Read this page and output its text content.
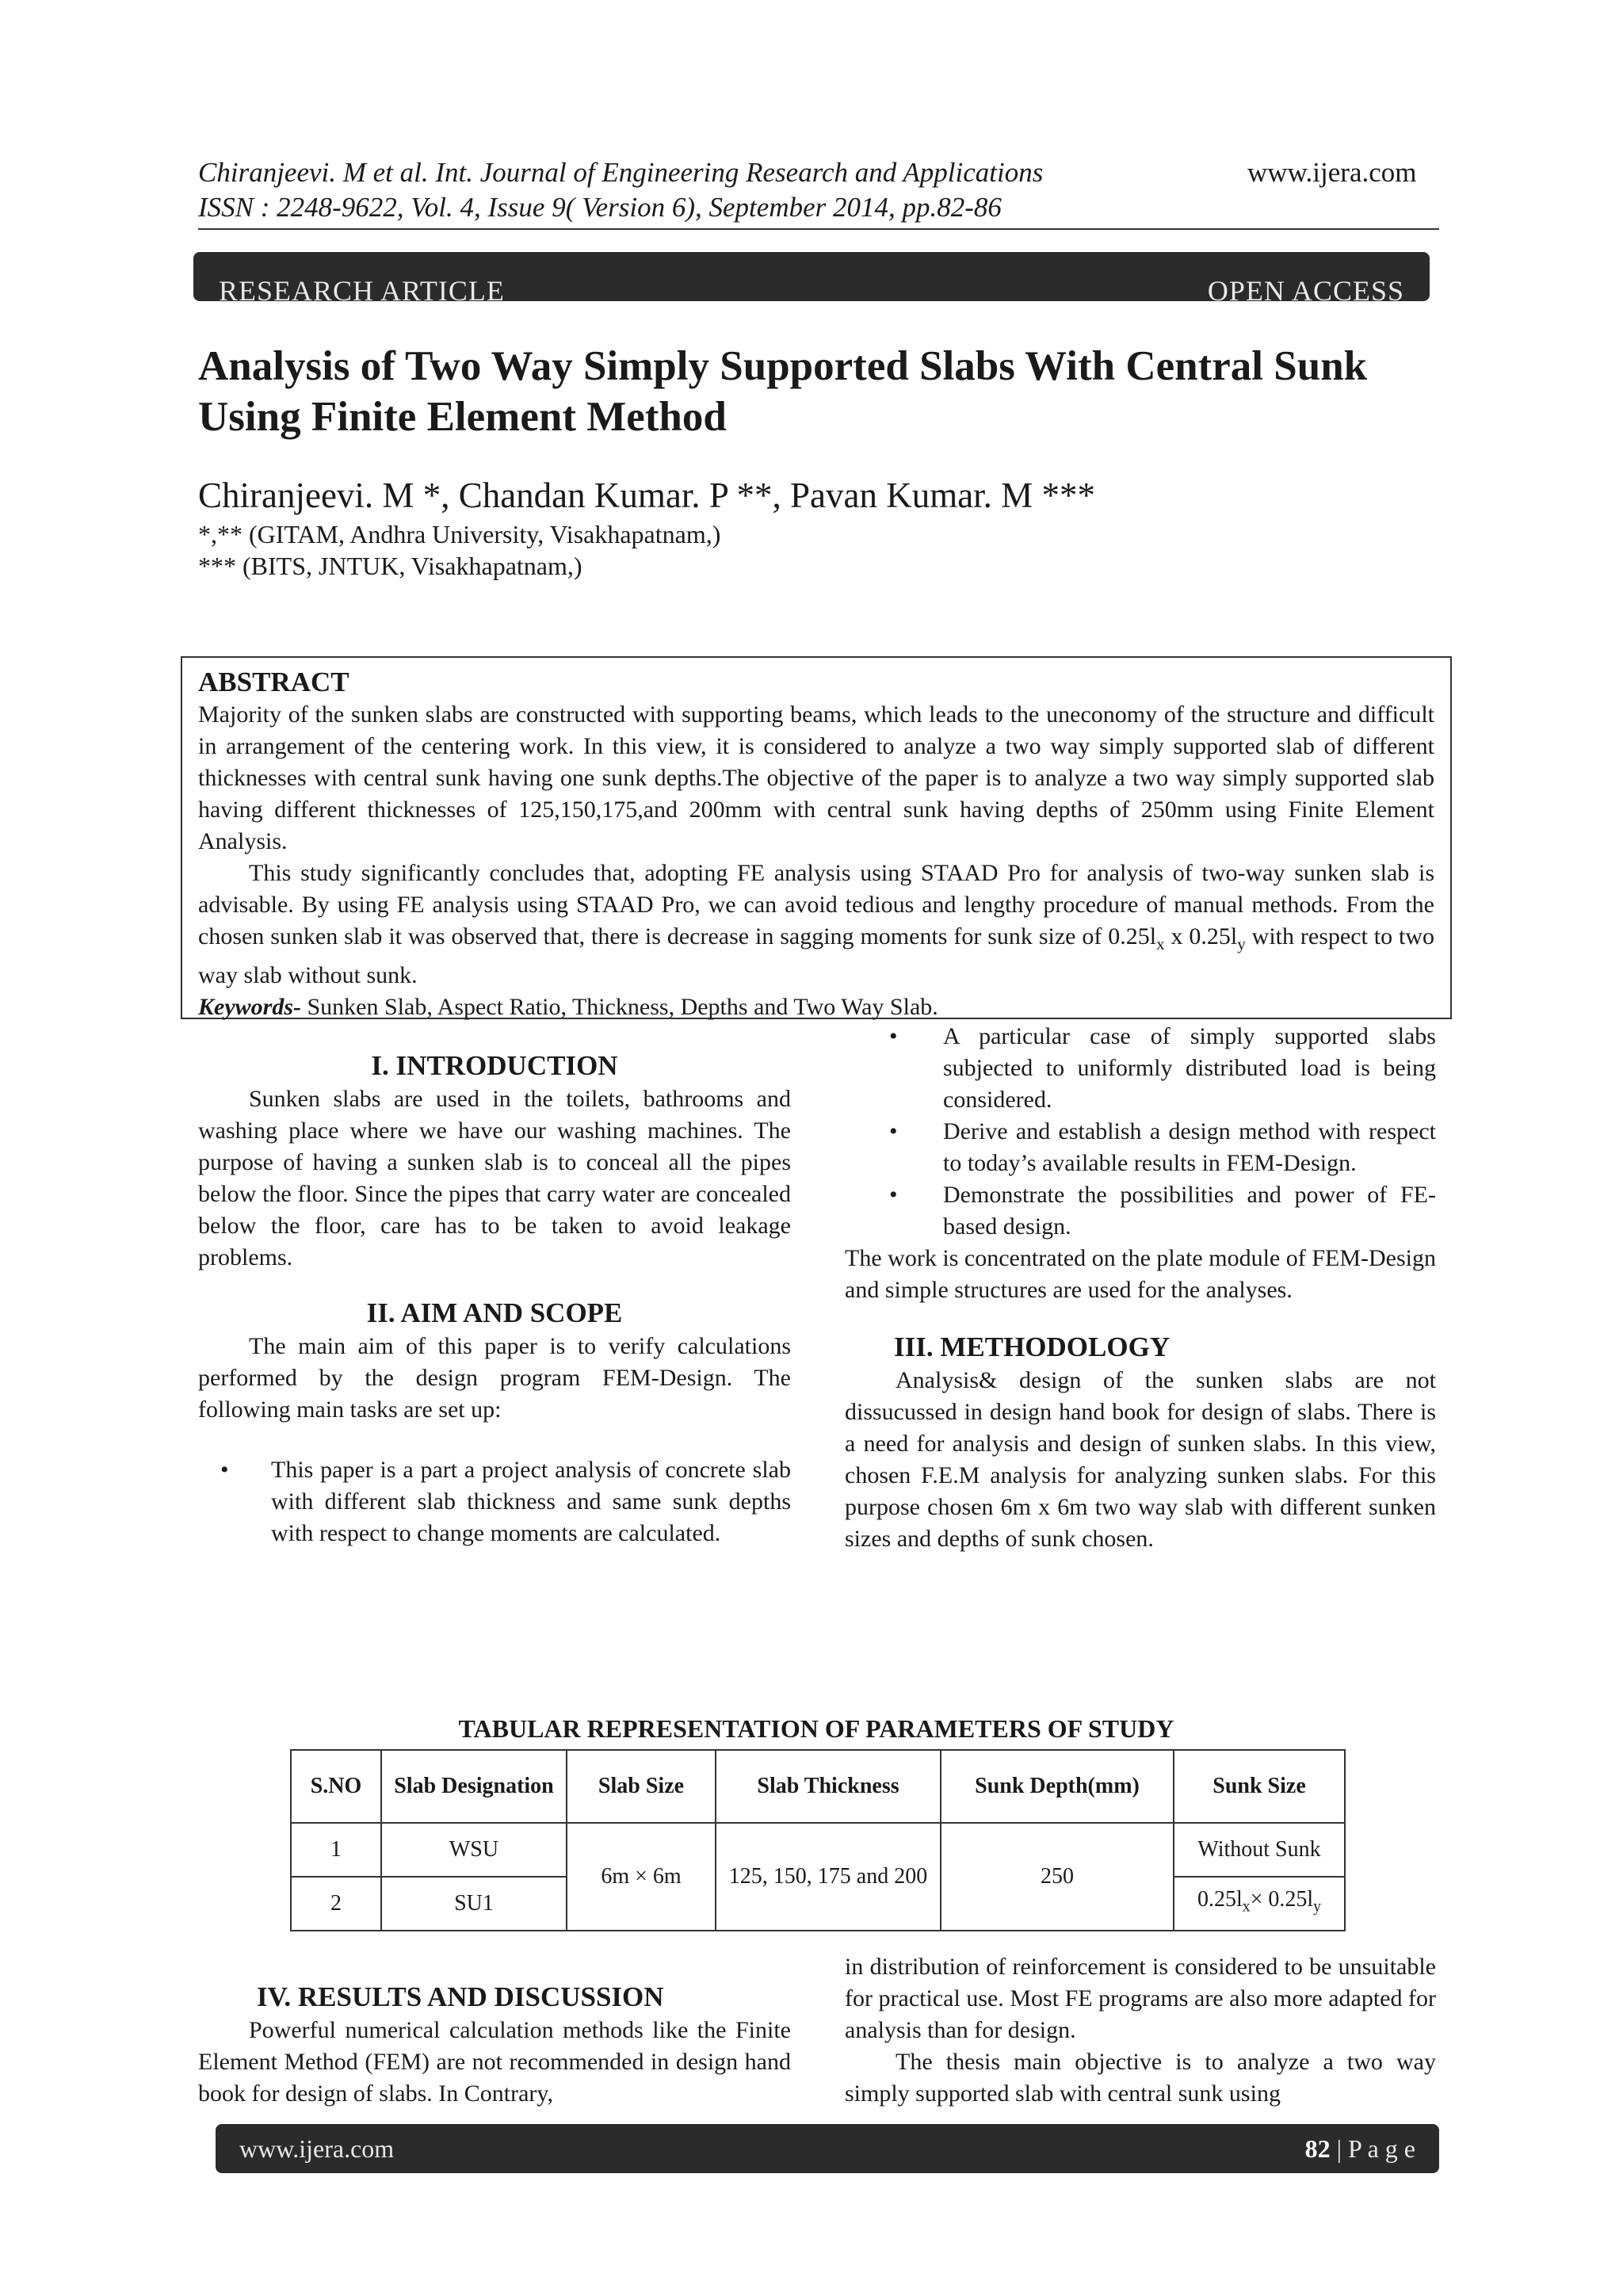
Chiranjeevi. M et al. Int. Journal of Engineering Research and Applications	www.ijera.com
ISSN : 2248-9622, Vol. 4, Issue 9( Version 6), September 2014, pp.82-86
RESEARCH ARTICLE	OPEN ACCESS
Analysis of Two Way Simply Supported Slabs With Central Sunk
Using Finite Element Method
Chiranjeevi. M *, Chandan Kumar. P **, Pavan Kumar. M ***
*,** (GITAM, Andhra University, Visakhapatnam,)
*** (BITS, JNTUK, Visakhapatnam,)
ABSTRACT
Majority of the sunken slabs are constructed with supporting beams, which leads to the uneconomy of the structure and difficult in arrangement of the centering work. In this view, it is considered to analyze a two way simply supported slab of different thicknesses with central sunk having one sunk depths.The objective of the paper is to analyze a two way simply supported slab having different thicknesses of 125,150,175,and 200mm with central sunk having depths of 250mm using Finite Element Analysis.
This study significantly concludes that, adopting FE analysis using STAAD Pro for analysis of two-way sunken slab is advisable. By using FE analysis using STAAD Pro, we can avoid tedious and lengthy procedure of manual methods. From the chosen sunken slab it was observed that, there is decrease in sagging moments for sunk size of $0.25l_x$ x $0.25l_y$ with respect to two way slab without sunk.
Keywords- Sunken Slab, Aspect Ratio, Thickness, Depths and Two Way Slab.
I. INTRODUCTION
Sunken slabs are used in the toilets, bathrooms and washing place where we have our washing machines. The purpose of having a sunken slab is to conceal all the pipes below the floor. Since the pipes that carry water are concealed below the floor, care has to be taken to avoid leakage problems.
II. AIM AND SCOPE
The main aim of this paper is to verify calculations performed by the design program FEM-Design. The following main tasks are set up:
• This paper is a part a project analysis of concrete slab with different slab thickness and same sunk depths with respect to change moments are calculated.
• A particular case of simply supported slabs subjected to uniformly distributed load is being considered.
• Derive and establish a design method with respect to today’s available results in FEM-Design.
• Demonstrate the possibilities and power of FE- based design.
The work is concentrated on the plate module of FEM-Design and simple structures are used for the analyses.
III. METHODOLOGY
Analysis& design of the sunken slabs are not dissucussed in design hand book for design of slabs. There is a need for analysis and design of sunken slabs. In this view, chosen F.E.M analysis for analyzing sunken slabs. For this purpose chosen 6m x 6m two way slab with different sunken sizes and depths of sunk chosen.
TABULAR REPRESENTATION OF PARAMETERS OF STUDY
S.NO	Slab Designation	Slab Size	Slab Thickness	Sunk Depth(mm)	Sunk Size
1	WSU	6m × 6m	125, 150, 175 and 200	250	Without Sunk
2	SU1				$0.25l_x\times 0.25l_y$
IV. RESULTS AND DISCUSSION
Powerful numerical calculation methods like the Finite Element Method (FEM) are not recommended in design hand book for design of slabs. In Contrary,
in distribution of reinforcement is considered to be unsuitable for practical use. Most FE programs are also more adapted for analysis than for design.
The thesis main objective is to analyze a two way simply supported slab with central sunk using
www.ijera.com	82 | P a g e
